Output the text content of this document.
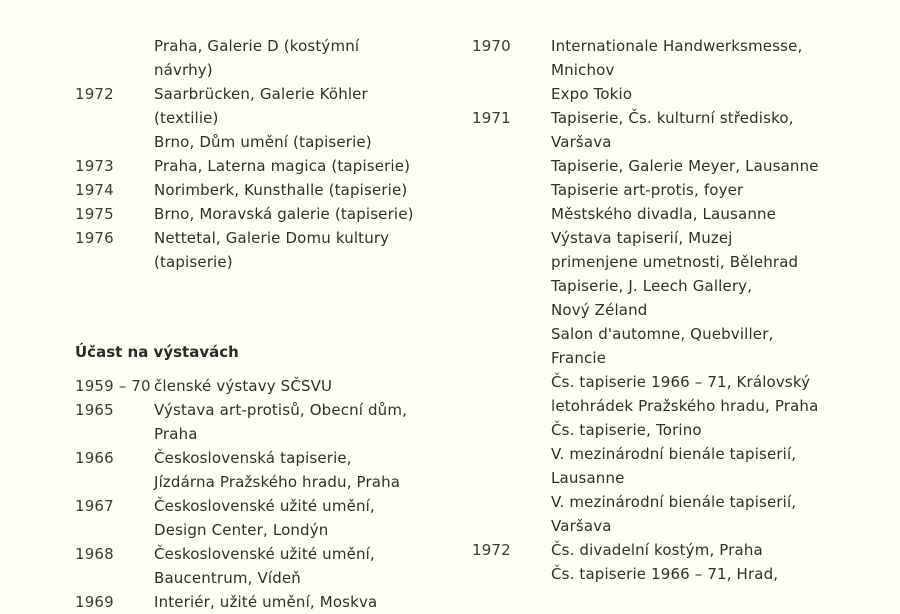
Praha, Galerie D (kostýmní
návrhy)
1972	Saarbrücken, Galerie Köhler
(textilie)
Brno, Dům umění (tapiserie)
1973	Praha, Laterna magica (tapiserie)
1974	Norimberk, Kunsthalle (tapiserie)
1975	Brno, Moravská galerie (tapiserie)
1976	Nettetal, Galerie Domu kultury
(tapiserie)
Účast na výstavách
1959 – 70 členské výstavy SČSVU
1965	Výstava art-protisů, Obecní dům,
Praha
1966	Československá tapiserie,
Jízdárna Pražského hradu, Praha
1967	Československé užité umění,
Design Center, Londýn
1968	Československé užité umění,
Baucentrum, Vídeň
1969	Interiér, užité umění, Moskva
1970	Internationale Handwerksmesse,
Mnichov
Expo Tokio
1971	Tapiserie, Čs. kulturní středisko,
Varšava
Tapiserie, Galerie Meyer, Lausanne
Tapiserie art-protis, foyer
Městského divadla, Lausanne
Výstava tapiserií, Muzej
primenjene umetnosti, Bělehrad
Tapiserie, J. Leech Gallery,
Nový Zéland
Salon d'automne, Quebviller,
Francie
Čs. tapiserie 1966 – 71, Královský
letohrádek Pražského hradu, Praha
Čs. tapiserie, Torino
V. mezinárodní bienále tapiserií,
Lausanne
V. mezinárodní bienále tapiserií,
Varšava
1972	Čs. divadelní kostým, Praha
Čs. tapiserie 1966 – 71, Hrad,
